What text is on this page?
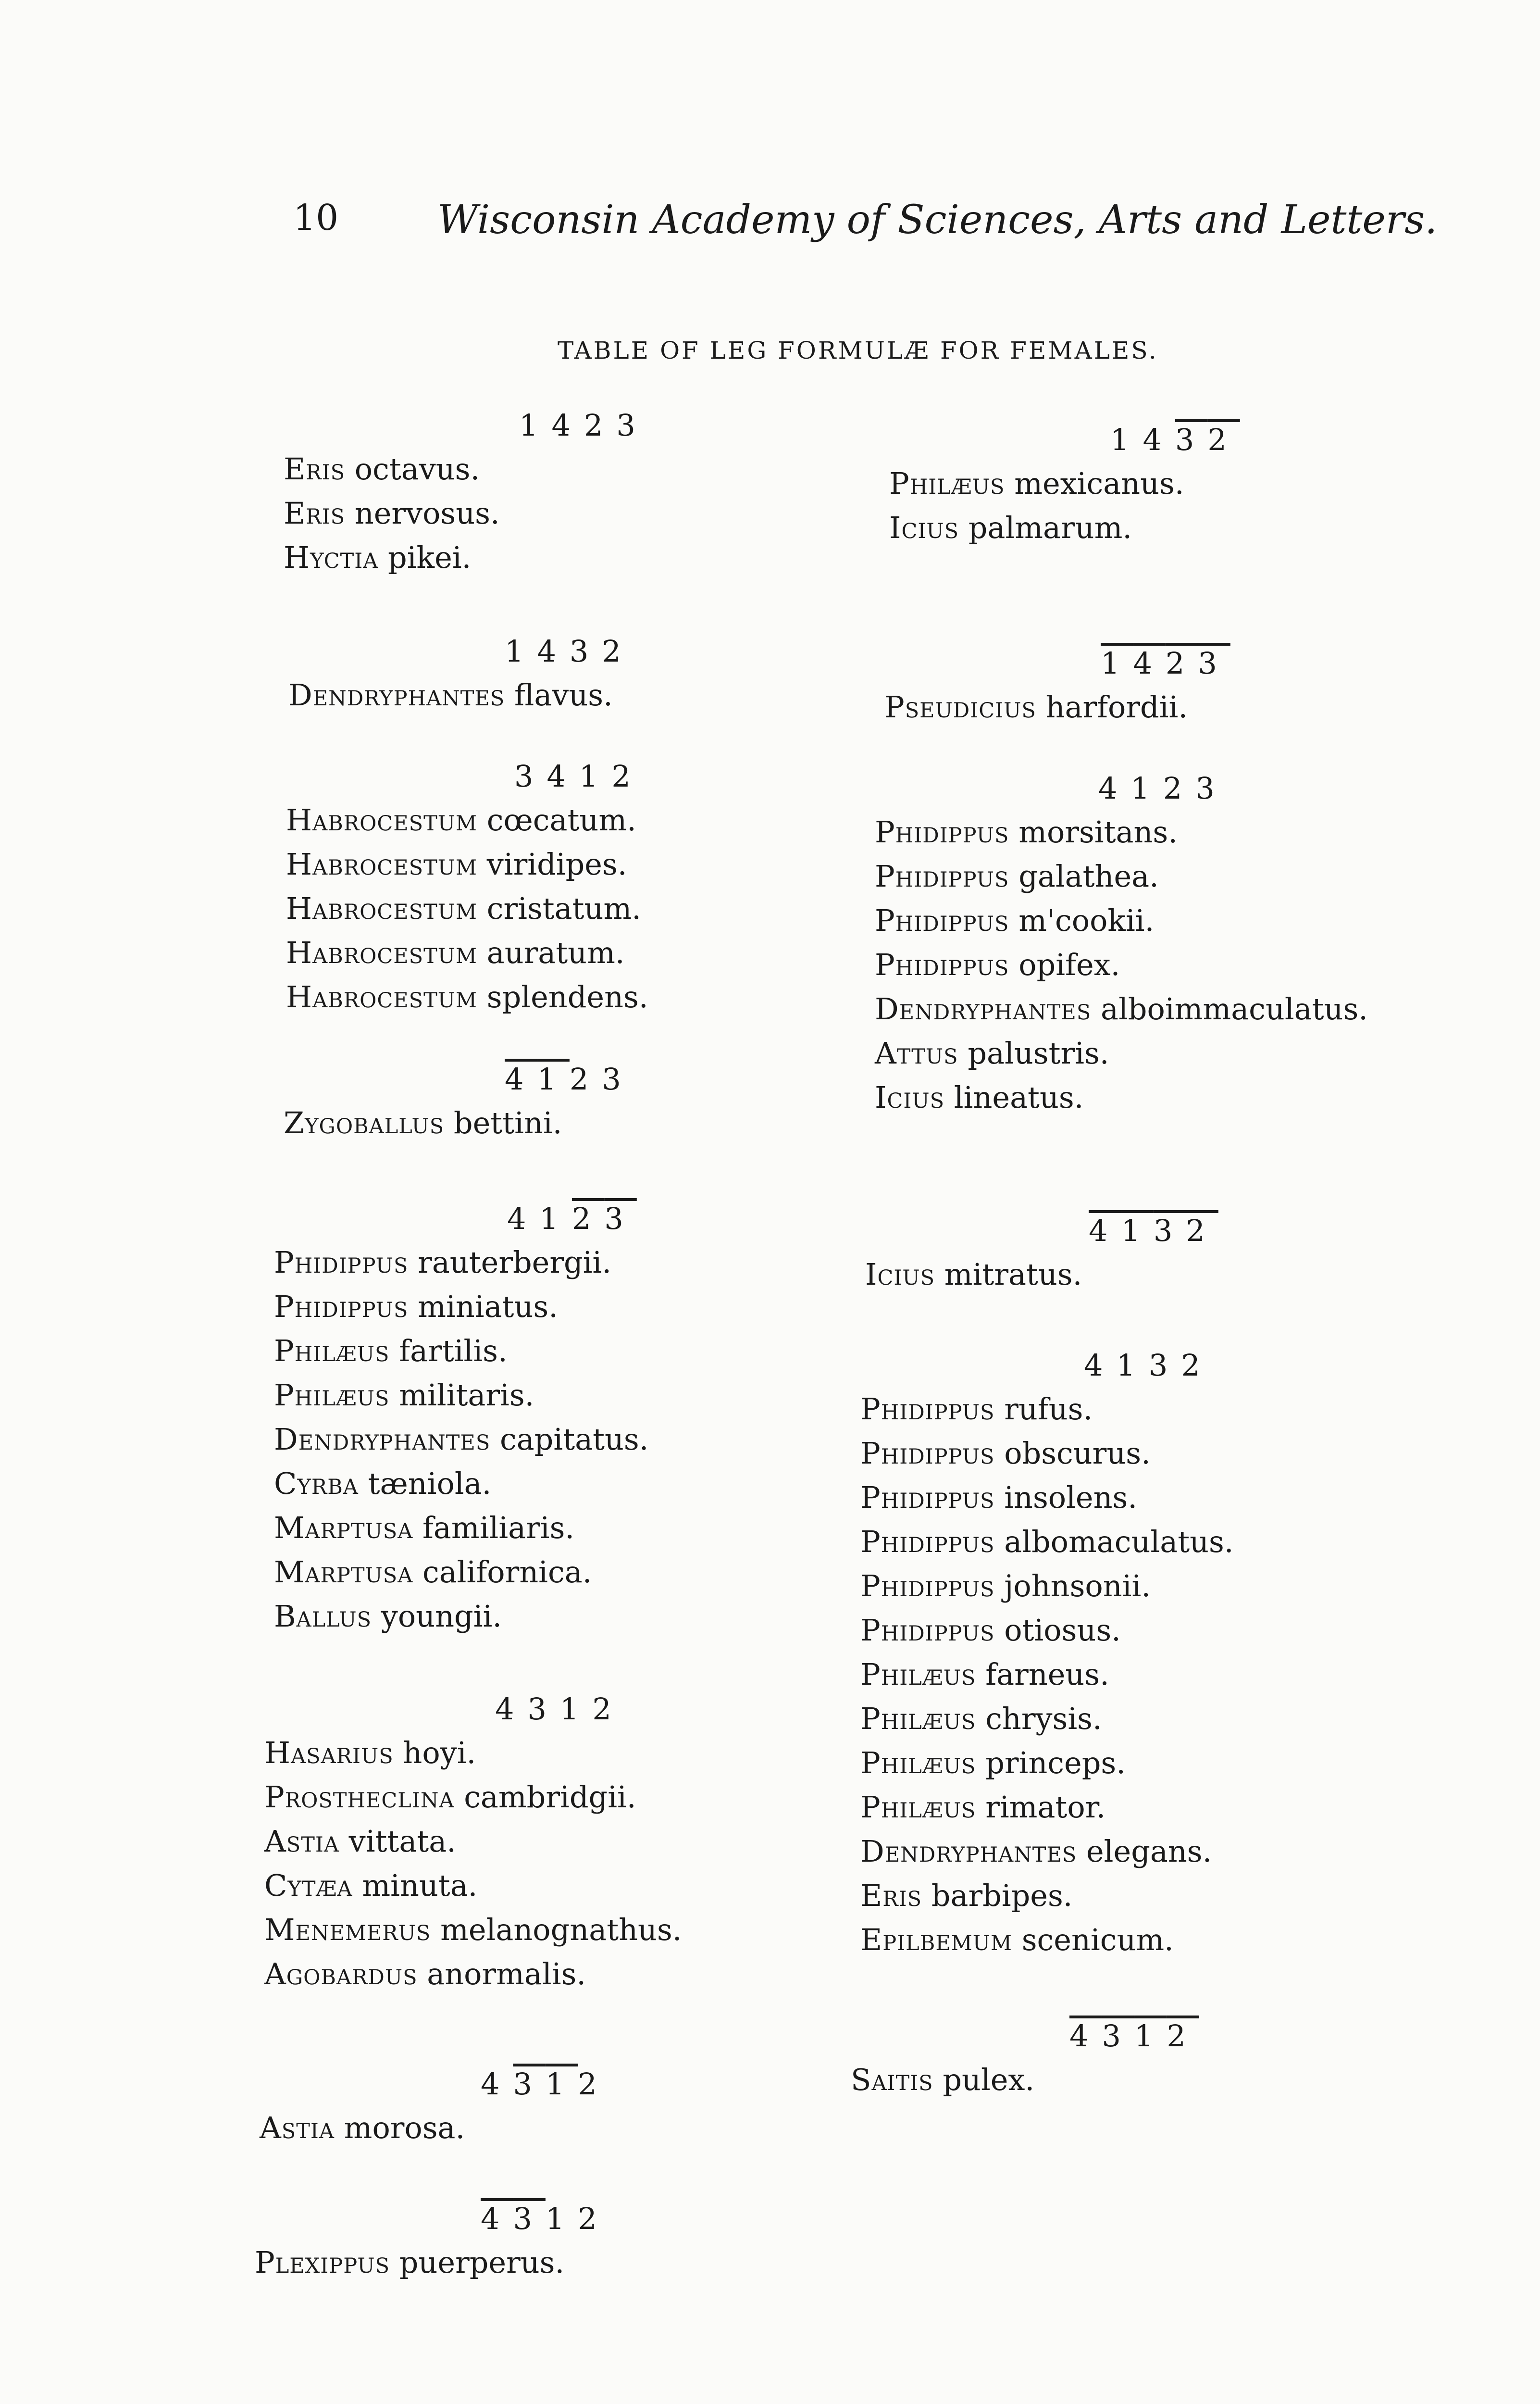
10	Wisconsin Academy of Sciences, Arts and Letters.
TABLE OF LEG FORMULÆ FOR FEMALES.
1423
Eris octavus.
Eris nervosus.
Hyctia pikei.
1432
Dendryphantes flavus.
3412
Habrocestum cœcatum.
Habrocestum viridipes.
Habrocestum cristatum.
Habrocestum auratum.
Habrocestum splendens.
4123
Zygoballus bettini.
4123
Phidippus rauterbergii.
Phidippus miniatus.
Philæus fartilis.
Philæus militaris.
Dendryphantes capitatus.
Cyrba tæniola.
Marptusa familiaris.
Marptusa californica.
Ballus youngii.
4312
Hasarius hoyi.
Prostheclina cambridgii.
Astia vittata.
Cytæa minuta.
Menemerus melanognathus.
Agobardus anormalis.
4312
Astia morosa.
4312
Plexippus puerperus.
1432
Philæus mexicanus.
Icius palmarum.
1423
Pseudicius harfordii.
4123
Phidippus morsitans.
Phidippus galathea.
Phidippus m'cookii.
Phidippus opifex.
Dendryphantes alboimmaculatus.
Attus palustris.
Icius lineatus.
4132
Icius mitratus.
4132
Phidippus rufus.
Phidippus obscurus.
Phidippus insolens.
Phidippus albomaculatus.
Phidippus johnsonii.
Phidippus otiosus.
Philæus farneus.
Philæus chrysis.
Philæus princeps.
Philæus rimator.
Dendryphantes elegans.
Eris barbipes.
Epilbemum scenicum.
4312
Saitis pulex.
